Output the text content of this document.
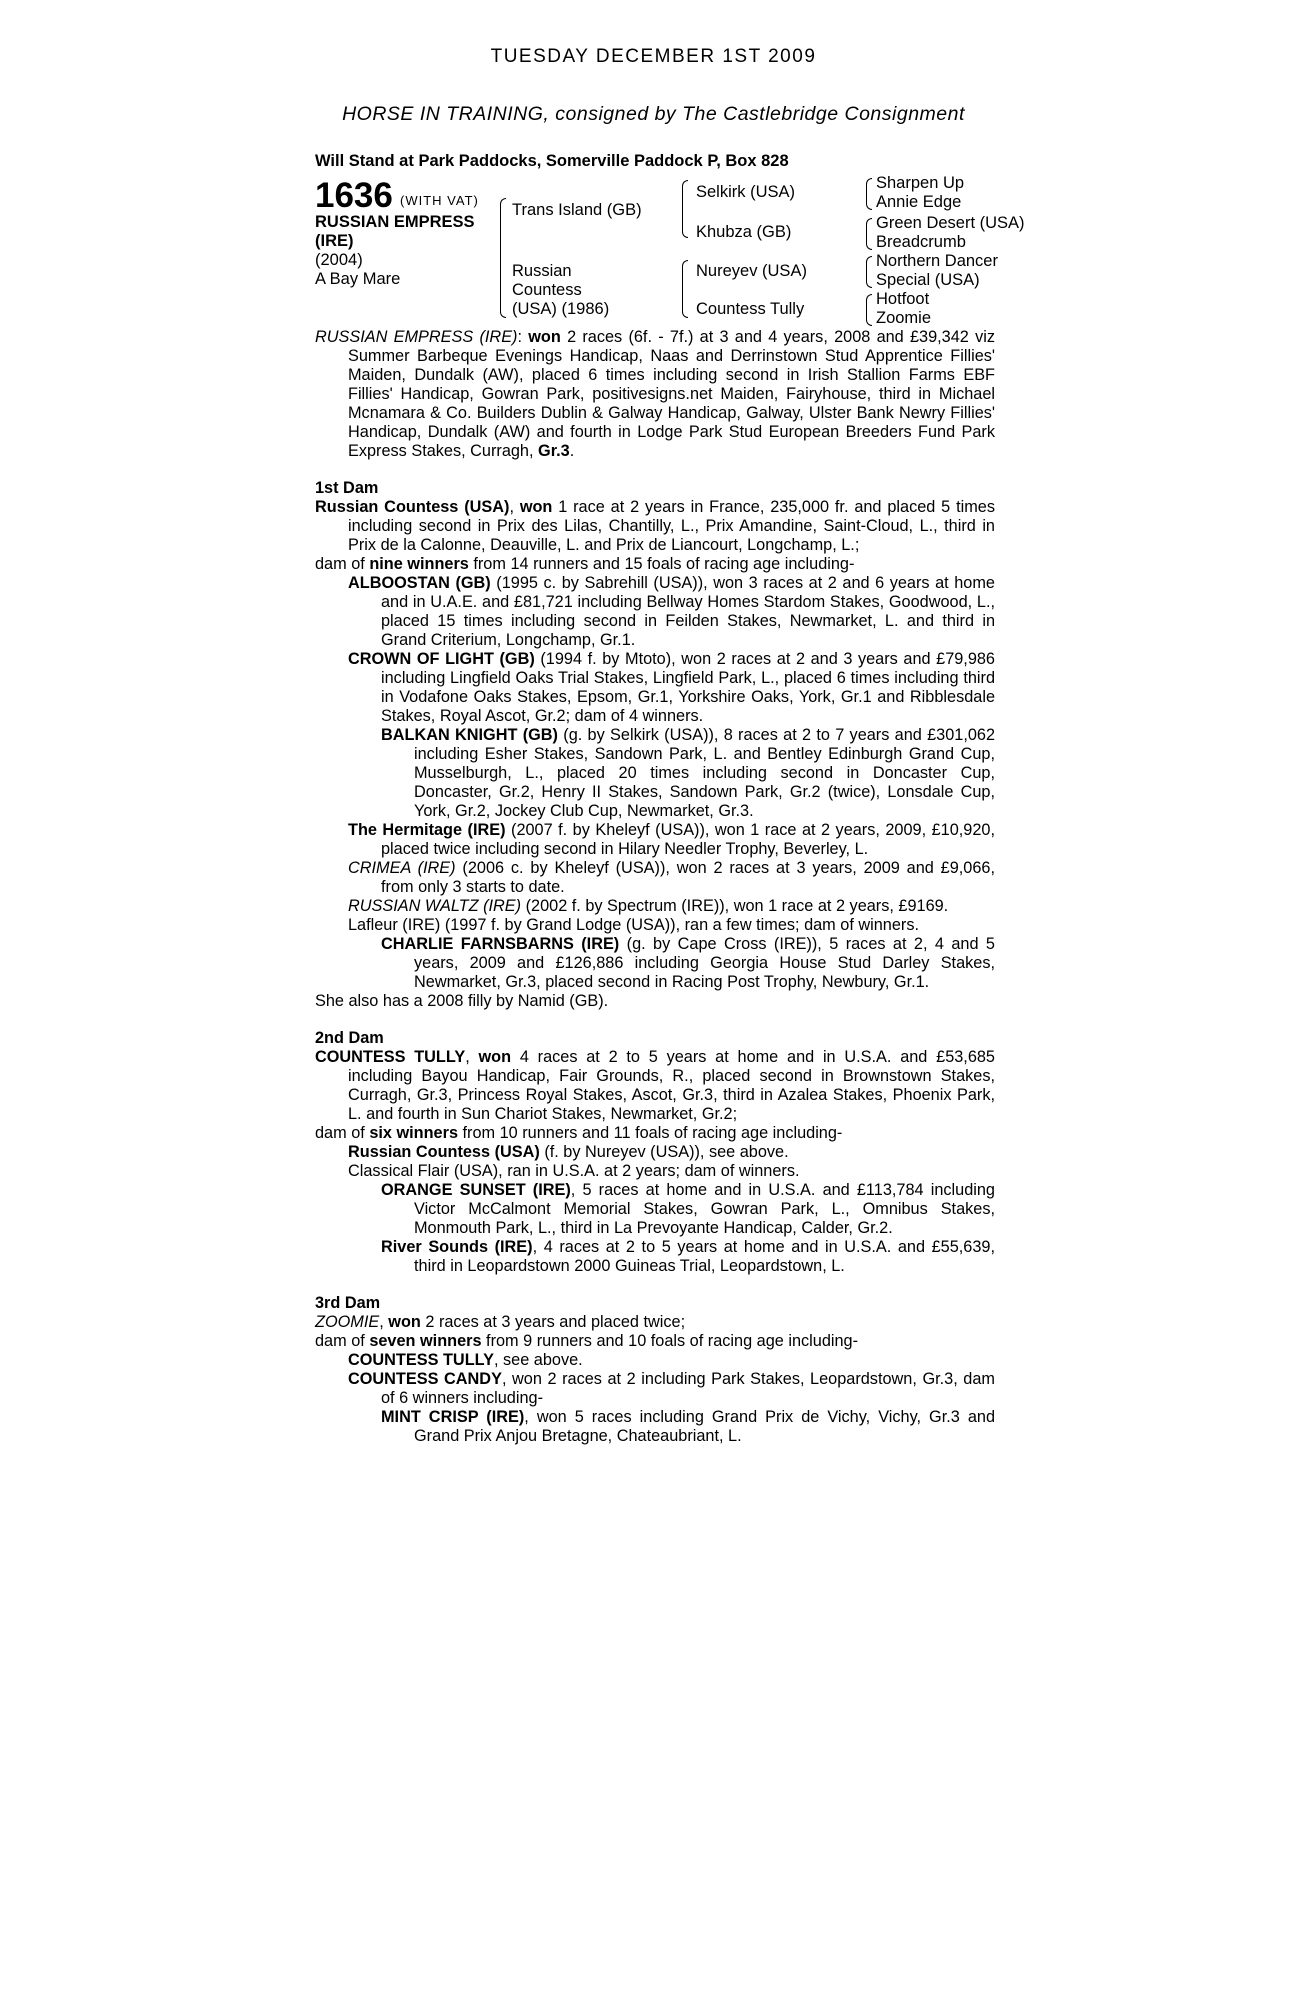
TUESDAY DECEMBER 1ST 2009
HORSE IN TRAINING, consigned by The Castlebridge Consignment
Will Stand at Park Paddocks, Somerville Paddock P, Box 828
1636 (WITH VAT)
RUSSIAN EMPRESS (IRE)
(2004)
A Bay Mare
Trans Island (GB)
Russian Countess (USA) (1986)
Selkirk (USA)
Khubza (GB)
Nureyev (USA)
Countess Tully
Sharpen Up
Annie Edge
Green Desert (USA)
Breadcrumb
Northern Dancer
Special (USA)
Hotfoot
Zoomie

RUSSIAN EMPRESS (IRE): won 2 races (6f. - 7f.) at 3 and 4 years, 2008 and £39,342 viz Summer Barbeque Evenings Handicap, Naas and Derrinstown Stud Apprentice Fillies' Maiden, Dundalk (AW), placed 6 times including second in Irish Stallion Farms EBF Fillies' Handicap, Gowran Park, positivesigns.net Maiden, Fairyhouse, third in Michael Mcnamara & Co. Builders Dublin & Galway Handicap, Galway, Ulster Bank Newry Fillies' Handicap, Dundalk (AW) and fourth in Lodge Park Stud European Breeders Fund Park Express Stakes, Curragh, Gr.3.

1st Dam

Russian Countess (USA), won 1 race at 2 years in France, 235,000 fr. and placed 5 times including second in Prix des Lilas, Chantilly, L., Prix Amandine, Saint-Cloud, L., third in Prix de la Calonne, Deauville, L. and Prix de Liancourt, Longchamp, L.;

dam of nine winners from 14 runners and 15 foals of racing age including-

ALBOOSTAN (GB) (1995 c. by Sabrehill (USA)), won 3 races at 2 and 6 years at home and in U.A.E. and £81,721 including Bellway Homes Stardom Stakes, Goodwood, L., placed 15 times including second in Feilden Stakes, Newmarket, L. and third in Grand Criterium, Longchamp, Gr.1.

CROWN OF LIGHT (GB) (1994 f. by Mtoto), won 2 races at 2 and 3 years and £79,986 including Lingfield Oaks Trial Stakes, Lingfield Park, L., placed 6 times including third in Vodafone Oaks Stakes, Epsom, Gr.1, Yorkshire Oaks, York, Gr.1 and Ribblesdale Stakes, Royal Ascot, Gr.2; dam of 4 winners.

BALKAN KNIGHT (GB) (g. by Selkirk (USA)), 8 races at 2 to 7 years and £301,062 including Esher Stakes, Sandown Park, L. and Bentley Edinburgh Grand Cup, Musselburgh, L., placed 20 times including second in Doncaster Cup, Doncaster, Gr.2, Henry II Stakes, Sandown Park, Gr.2 (twice), Lonsdale Cup, York, Gr.2, Jockey Club Cup, Newmarket, Gr.3.

The Hermitage (IRE) (2007 f. by Kheleyf (USA)), won 1 race at 2 years, 2009, £10,920, placed twice including second in Hilary Needler Trophy, Beverley, L.

CRIMEA (IRE) (2006 c. by Kheleyf (USA)), won 2 races at 3 years, 2009 and £9,066, from only 3 starts to date.

RUSSIAN WALTZ (IRE) (2002 f. by Spectrum (IRE)), won 1 race at 2 years, £9169.

Lafleur (IRE) (1997 f. by Grand Lodge (USA)), ran a few times; dam of winners.

CHARLIE FARNSBARNS (IRE) (g. by Cape Cross (IRE)), 5 races at 2, 4 and 5 years, 2009 and £126,886 including Georgia House Stud Darley Stakes, Newmarket, Gr.3, placed second in Racing Post Trophy, Newbury, Gr.1.

She also has a 2008 filly by Namid (GB).

2nd Dam

COUNTESS TULLY, won 4 races at 2 to 5 years at home and in U.S.A. and £53,685 including Bayou Handicap, Fair Grounds, R., placed second in Brownstown Stakes, Curragh, Gr.3, Princess Royal Stakes, Ascot, Gr.3, third in Azalea Stakes, Phoenix Park, L. and fourth in Sun Chariot Stakes, Newmarket, Gr.2;

dam of six winners from 10 runners and 11 foals of racing age including-

Russian Countess (USA) (f. by Nureyev (USA)), see above.

Classical Flair (USA), ran in U.S.A. at 2 years; dam of winners.

ORANGE SUNSET (IRE), 5 races at home and in U.S.A. and £113,784 including Victor McCalmont Memorial Stakes, Gowran Park, L., Omnibus Stakes, Monmouth Park, L., third in La Prevoyante Handicap, Calder, Gr.2.

River Sounds (IRE), 4 races at 2 to 5 years at home and in U.S.A. and £55,639, third in Leopardstown 2000 Guineas Trial, Leopardstown, L.

3rd Dam

ZOOMIE, won 2 races at 3 years and placed twice;

dam of seven winners from 9 runners and 10 foals of racing age including-

COUNTESS TULLY, see above.

COUNTESS CANDY, won 2 races at 2 including Park Stakes, Leopardstown, Gr.3, dam of 6 winners including-

MINT CRISP (IRE), won 5 races including Grand Prix de Vichy, Vichy, Gr.3 and Grand Prix Anjou Bretagne, Chateaubriant, L.
